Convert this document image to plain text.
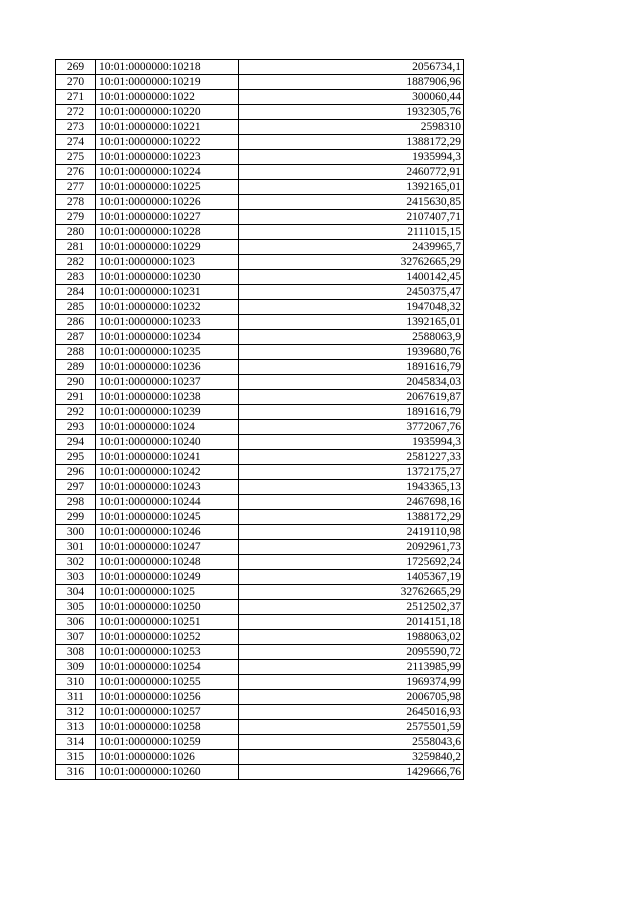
269	10:01:0000000:10218	2056734,1
270	10:01:0000000:10219	1887906,96
271	10:01:0000000:1022	300060,44
272	10:01:0000000:10220	1932305,76
273	10:01:0000000:10221	2598310
274	10:01:0000000:10222	1388172,29
275	10:01:0000000:10223	1935994,3
276	10:01:0000000:10224	2460772,91
277	10:01:0000000:10225	1392165,01
278	10:01:0000000:10226	2415630,85
279	10:01:0000000:10227	2107407,71
280	10:01:0000000:10228	2111015,15
281	10:01:0000000:10229	2439965,7
282	10:01:0000000:1023	32762665,29
283	10:01:0000000:10230	1400142,45
284	10:01:0000000:10231	2450375,47
285	10:01:0000000:10232	1947048,32
286	10:01:0000000:10233	1392165,01
287	10:01:0000000:10234	2588063,9
288	10:01:0000000:10235	1939680,76
289	10:01:0000000:10236	1891616,79
290	10:01:0000000:10237	2045834,03
291	10:01:0000000:10238	2067619,87
292	10:01:0000000:10239	1891616,79
293	10:01:0000000:1024	3772067,76
294	10:01:0000000:10240	1935994,3
295	10:01:0000000:10241	2581227,33
296	10:01:0000000:10242	1372175,27
297	10:01:0000000:10243	1943365,13
298	10:01:0000000:10244	2467698,16
299	10:01:0000000:10245	1388172,29
300	10:01:0000000:10246	2419110,98
301	10:01:0000000:10247	2092961,73
302	10:01:0000000:10248	1725692,24
303	10:01:0000000:10249	1405367,19
304	10:01:0000000:1025	32762665,29
305	10:01:0000000:10250	2512502,37
306	10:01:0000000:10251	2014151,18
307	10:01:0000000:10252	1988063,02
308	10:01:0000000:10253	2095590,72
309	10:01:0000000:10254	2113985,99
310	10:01:0000000:10255	1969374,99
311	10:01:0000000:10256	2006705,98
312	10:01:0000000:10257	2645016,93
313	10:01:0000000:10258	2575501,59
314	10:01:0000000:10259	2558043,6
315	10:01:0000000:1026	3259840,2
316	10:01:0000000:10260	1429666,76
